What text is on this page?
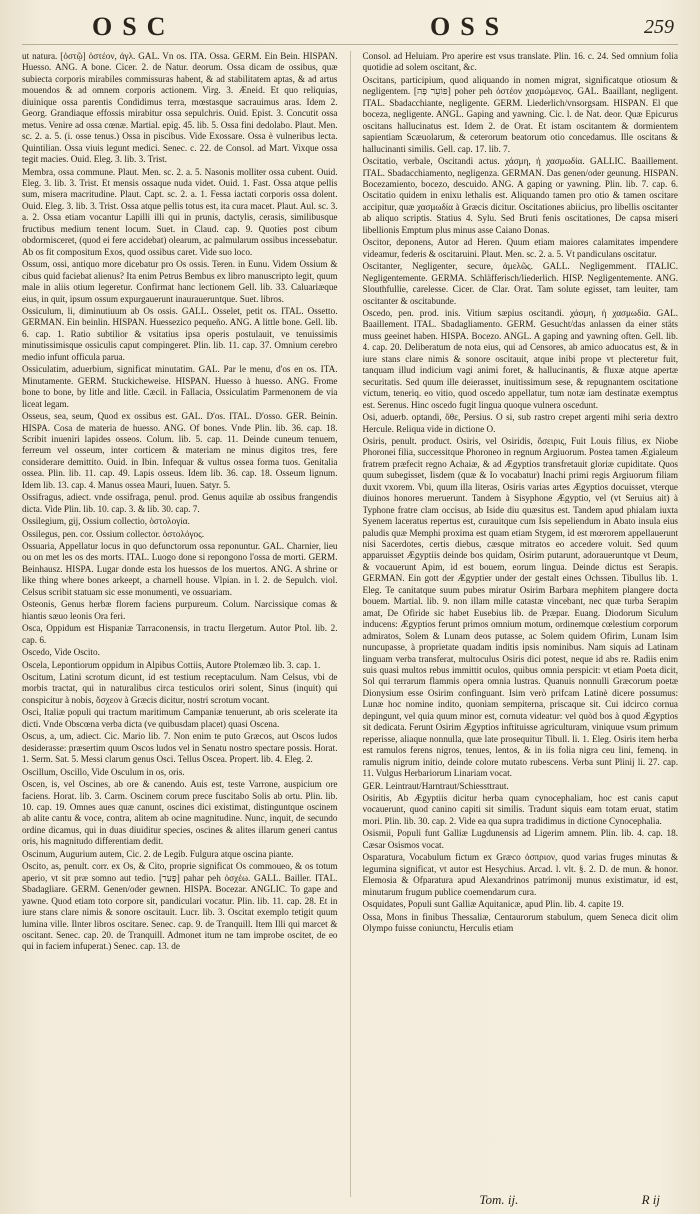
OSC	OSS	259

ut natura. [ὀστῷ] ὀστέον, ἀγλ. GAL. Vn os. ITA. Ossa. GERM. Ein Bein. HISPAN. Huesso. ANG. A bone. Cicer. 2. de Natur. deorum. Ossa dicam de ossibus, quæ subiecta corporis mirabiles commissuras habent, & ad stabilitatem aptas, & ad artus mouendos & ad omnem corporis actionem. Virg. 3. Æneid. Et quo reliquias, diuinique ossa parentis Condidimus terra, mœstasque sacrauimus aras. Idem 2. Georg. Grandiaque effossis mirabitur ossa sepulchris. Ouid. Epist. 3. Concutit ossa metus. Venire ad ossa cœnæ. Martial. epig. 45. lib. 5. Ossa fini dedolabo. Plaut. Men. sc. 2. a. 5. (i. osse tenus.) Ossa in piscibus. Vide Exossare. Ossa è vulneribus lecta. Quintilian. Ossa viuis legunt medici. Senec. c. 22. de Consol. ad Mart. Vixque ossa tegit macies. Ouid. Eleg. 3. lib. 3. Trist.

Membra, ossa commune. Plaut. Men. sc. 2. a. 5. Nasonis molliter ossa cubent. Ouid. Eleg. 3. lib. 3. Trist. Et mensis ossaque nuda videt. Ouid. 1. Fast. Ossa atque pellis sum, misera macritudine. Plaut. Capt. sc. 2. a. 1. Fessa iactati corporis ossa dolent. Ouid. Eleg. 3. lib. 3. Trist. Ossa atque pellis totus est, ita cura macet. Plaut. Aul. sc. 3. a. 2. Ossa etiam vocantur Lapilli illi qui in prunis, dactylis, cerasis, similibusque fructibus medium tenent locum. Suet. in Claud. cap. 9. Quoties post cibum obdormisceret, (quod ei fere accidebat) olearum, ac palmularum ossibus incessebatur. Ab os fit compositum Exos, quod ossibus caret. Vide suo loco.

Ossum, ossi, antiquo more dicebatur pro Os ossis. Teren. in Eunu. Videm Ossium & cibus quid faciebat alienus? Ita enim Petrus Bembus ex libro manuscripto legit, quum male in aliis otium legeretur. Confirmat hanc lectionem Gell. lib. 33. Caluariæque eius, in quit, ipsum ossum expurgauerunt inauraueruntque. Suet. libros.

Ossiculum, li, diminutiuum ab Os ossis. GALL. Osselet, petit os. ITAL. Ossetto. GERMAN. Ein beinlin. HISPAN. Huessezico pequeño. ANG. A little bone. Gell. lib. 6. cap. 1. Ratio subtilior & vsitatius ipsa operis postulauit, ve tenuissimis minutissimisque ossiculis caput compingeret. Plin. lib. 11. cap. 37. Omnium cerebro medio infunt officula parua.

Ossiculatim, aduerbium, significat minutatim. GAL. Par le menu, d'os en os. ITA. Minutamente. GERM. Stuckicheweise. HISPAN. Huesso à huesso. ANG. Frome bone to bone, by litle and litle. Cæcil. in Fallacia, Ossiculatim Parmenonem de via liceat legam.

Osseus, sea, seum, Quod ex ossibus est. GAL. D'os. ITAL. D'osso. GER. Beinin. HISPA. Cosa de materia de huesso. ANG. Of bones. Vnde Plin. lib. 36. cap. 18. Scribit inueniri lapides osseos. Colum. lib. 5. cap. 11. Deinde cuneum tenuem, ferreum vel osseum, inter corticem & materiam ne minus digitos tres, fere considerare demittito. Ouid. in Ibin. Infequar & vultus ossea forma tuos. Genitalia ossea. Plin. lib. 11. cap. 49. Lapis osseus. Idem lib. 36. cap. 18. Osseum lignum. Idem lib. 13. cap. 4. Manus ossea Mauri, Iuuen. Satyr. 5.

Ossifragus, adiect. vnde ossifraga, penul. prod. Genus aquilæ ab ossibus frangendis dicta. Vide Plin. lib. 10. cap. 3. & lib. 30. cap. 7.

Ossilegium, gij, Ossium collectio, ὀστολογία.

Ossilegus, pen. cor. Ossium collector. ὀστολόγος.

Ossuaria, Appellatur locus in quo defunctorum ossa reponuntur. GAL. Charnier, lieu ou on met les os des morts. ITAL. Luogo done si repongono l'ossa de morti. GERM. Beinhausz. HISPA. Lugar donde esta los huessos de los muertos. ANG. A shrine or like thing where bones arkeept, a charnell house. Vlpian. in l. 2. de Sepulch. viol. Celsus scribit statuam sic esse monumenti, ve ossuariam.

Osteonis, Genus herbæ florem faciens purpureum. Colum. Narcissique comas & hiantis sæuo leonis Ora feri.

Osca, Oppidum est Hispaniæ Tarraconensis, in tractu Ilergetum. Autor Ptol. lib. 2. cap. 6.

Oscedo, Vide Oscito.

Oscela, Lepontiorum oppidum in Alpibus Cottiis, Autore Ptolemæo lib. 3. cap. 1.

Oscitum, Latini scrotum dicunt, id est testium receptaculum. Nam Celsus, vbi de morbis tractat, qui in naturalibus circa testiculos oriri solent, Sinus (inquit) qui conspicitur à nobis, ὄσχεον à Græcis dicitur, nostri scrotum vocant.

Osci, Italiæ populi qui tractum maritimum Campaniæ tenuerunt, ab oris scelerate ita dicti. Vnde Obscœna verba dicta (ve quibusdam placet) quasi Oscena.

Oscus, a, um, adiect. Cic. Mario lib. 7. Non enim te puto Græcos, aut Oscos ludos desiderasse: præsertim quum Oscos ludos vel in Senatu nostro spectare possis. Horat. 1. Serm. Sat. 5. Messi clarum genus Osci. Tellus Oscea. Propert. lib. 4. Eleg. 2.

Oscillum, Oscillo, Vide Osculum in os, oris.

Oscen, is, vel Oscines, ab ore & canendo. Auis est, teste Varrone, auspicium ore faciens. Horat. lib. 3. Carm. Oscinem corum prece fuscitabo Solis ab ortu. Plin. lib. 10. cap. 19. Omnes aues quæ canunt, oscines dici existimat, distinguntque oscinem ab alite cantu & voce, contra, alitem ab ocine magnitudine. Nunc, inquit, de secundo ordine dicamus, qui in duas diuiditur species, oscines & alites illarum generi cantus oris, his magnitudo differentiam dedit.

Oscinum, Augurium autem, Cic. 2. de Legib. Fulgura atque oscina piante.

Oscito, as, penult. corr. ex Os, & Cito, proprie significat Os commoueo, & os totum aperio, vt sit præ somno aut tedio. [פָּעַר] pahar peh ὀσχέω. GALL. Bailler. ITAL. Sbadagliare. GERM. Genen/oder gewnen. HISPA. Bocezar. ANGLIC. To gape and yawne. Quod etiam toto corpore sit, pandiculari vocatur. Plin. lib. 11. cap. 28. Et in iure stans clare nimis & sonore oscitauit. Lucr. lib. 3. Oscitat exemplo tetigit quum lumina ville. Ilnter libros oscitare. Senec. cap. 9. de Tranquill. Item Illi qui marcet & oscitant. Senec. cap. 20. de Tranquill. Admonet itum ne tam improbe oscitet, de eo qui in faciem infuperat.) Senec. cap. 13. de

Consol. ad Heluiam. Pro aperire est vsus translate. Plin. 16. c. 24. Sed omnium folia quotidie ad solem oscitant, &c.

Oscitans, participium, quod aliquando in nomen migrat, significatque otiosum & negligentem. [פּוֹעֵר פֶּה] poher peh ὀστέον χασμώμενος. GAL. Baaillant, negligent. ITAL. Sbadacchiante, negligente. GERM. Liederlich/vnsorgsam. HISPAN. El que boceza, negligente. ANGL. Gaping and yawning. Cic. l. de Nat. deor. Quæ Epicurus oscitans hallucinatus est. Idem 2. de Orat. Et istam oscitantem & dormientem sapientiam Scæuolarum, & ceterorum beatorum otio concedamus. Ille oscitans & hallucinanti similis. Gell. cap. 17. lib. 7.

Oscitatio, verbale, Oscitandi actus. χάσμη, ἡ χασμωδία. GALLIC. Baaillement. ITAL. Sbadacchiamento, negligenza. GERMAN. Das genen/oder geunung. HISPAN. Bocezamiento, bocezo, descuido. ANG. A gaping or yawning. Plin. lib. 7. cap. 6. Oscitatio quidem in enixu lethalis est. Aliquando tamen pro otio & tamen oscitare accipitur, quæ χασμωδία à Græcis dicitur. Oscitationes abiicius, pro libellis oscitanter ab aliquo scriptis. Statius 4. Sylu. Sed Bruti fenis oscitationes, De capsa miseri libellionis Emptum plus minus asse Caiano Donas.

Oscitor, deponens, Autor ad Heren. Quum etiam maiores calamitates impendere videamur, federis & oscitaruini. Plaut. Men. sc. 2. a. 5. Vt pandiculans oscitatur.

Oscitanter, Negligenter, secure, ἀμελῶς. GALL. Negligemment. ITALIC. Negligentemente. GERMA. Schläfferisch/liederlich. HISP. Negligentemente. ANG. Slouthfullie, carelesse. Cicer. de Clar. Orat. Tam solute egisset, tam leuiter, tam oscitanter & oscitabunde.

Oscedo, pen. prod. inis. Vitium sæpius oscitandi. χάσμη, ἡ χασμωδία. GAL. Baaillement. ITAL. Sbadagliamento. GERM. Gesucht/das anlassen da einer stäts muss geeinet haben. HISPA. Bocezo. ANGL. A gaping and yawning often. Gell. lib. 4. cap. 20. Deliberatum de nota eius, qui ad Censores, ab amico aduocatus est, & in iure stans clare nimis & sonore oscitauit, atque inibi prope vt plecteretur fuit, tanquam illud indicium vagi animi foret, & hallucinantis, & fluxæ atque apertæ securitatis. Sed quum ille deierasset, inuitissimum sese, & repugnantem oscitatione victum, teneriq. eo vitio, quod oscedo appellatur, tum notæ iam destinatæ exemptus est. Serenus. Hinc oscedo fugit lingua quoque vulnera oscedunt.

Osi, aduerb. optandi, ὄθε, Persius. O si, sub rastro crepet argenti mihi seria dextro Hercule. Reliqua vide in dictione O.

Osiris, penult. product. Osiris, vel Osiridis, ὄσειρις, Fuit Louis filius, ex Niobe Phoronei filia, successitque Phoroneo in regnum Argiuorum. Postea tamen Ægialeum fratrem præfecit regno Achaiæ, & ad Ægyptios transfretauit gloriæ cupiditate. Quos quum subegisset, Iisdem (quæ & Io vocabatur) Inachi primi regis Argiuorum filiam duxit vxorem. Vbi, quum illa literas, Osiris varias artes Ægyptios docuisset, vterque diuinos honores meruerunt. Tandem à Sisyphone Ægyptio, vel (vt Seruius ait) à Typhone fratre clam occisus, ab Iside diu quæsitus est. Tandem apud phialam iuxta Syenem laceratus repertus est, curauitque cum Isis sepeliendum in Abato insula eius paludis quæ Memphi proxima est quam etiam Stygem, id est mœrorem appellauerunt nisi Sacerdotes, certis diebus, cæsque mitratos eo accedere voluit. Sed quum apparuisset Ægyptiis deinde bos quidam, Osirim putarunt, adoraueruntque vt Deum, & vocauerunt Apim, id est bouem, eorum lingua. Deinde dictus est Serapis. GERMAN. Ein gott der Ægyptier under der gestalt eines Ochssen. Tibullus lib. 1. Eleg. Te canitatque suum pubes miratur Osirim Barbara mephitem plangere docta bouem. Martial. lib. 9. non illam mille catastæ vincebant, nec quæ turba Serapim amat, De Ofiride sic habet Eusebius lib. de Præpar. Euang. Diodorum Siculum inducens: Ægyptios ferunt primos omnium motum, ordinemque cœlestium corporum admiratos, Solem & Lunam deos putasse, ac Solem quidem Ofirim, Lunam Isim nuncupasse, à proprietate quadam inditis ipsis nominibus. Nam siquis ad Latinam linguam verba transferat, multoculus Osiris dici potest, neque id abs re. Radiis enim suis quasi multos rebus immittit oculos, quibus omnia perspicit: vt etiam Poeta dicit, Sol qui terrarum flammis opera omnia lustras. Quanuis nonnulli Græcorum poetæ Dionysium esse Osirim confinguant. Isim verò prifcam Latinè dicere possumus: Lunæ hoc nomine indito, quoniam sempiterna, priscaque sit. Cui idcirco cornua depingunt, vel quia quum minor est, cornuta videatur: vel quòd bos à quod Ægyptios sit dedicata. Ferunt Osirim Ægyptios inftituisse agriculturam, viniquue vsum primum reperisse, aliaque nonnulla, quæ late prosequitur Tibull. li. 1. Eleg. Osiris item herba est ramulos ferens nigros, tenues, lentos, & in iis folia nigra ceu lini, femenq. in ramulis nigrum initio, deinde colore mutato rubescens. Verba sunt Plinij li. 27. cap. 11. Vulgus Herbariorum Linariam vocat.

GER. Leintraut/Harntraut/Schiessttraut.

Osiritis, Ab Ægyptiis dicitur herba quam cynocephaliam, hoc est canis caput vocauerunt, quod canino capiti sit similis. Tradunt siquis eam totam eruat, statim mori. Plin. lib. 30. cap. 2. Vide ea qua supra tradidimus in dictione Cynocephalia.

Osismii, Populi funt Galliæ Lugdunensis ad Ligerim amnem. Plin. lib. 4. cap. 18. Cæsar Osismos vocat.

Osparatura, Vocabulum fictum ex Græco ὀσπριον, quod varias fruges minutas & legumina significat, vt autor est Hesychius. Arcad. l. vlt. §. 2. D. de mun. & honor. Elemosia & Ofparatura apud Alexandrinos patrimonij munus existimatur, id est, minutarum frugum publice coemendarum cura.

Osquidates, Populi sunt Galliæ Aquitanicæ, apud Plin. lib. 4. capite 19.

Ossa, Mons in finibus Thessaliæ, Centaurorum stabulum, quem Seneca dicit olim Olympo fuisse coniunctu, Herculis etiam

Tom. ij.	R ij
